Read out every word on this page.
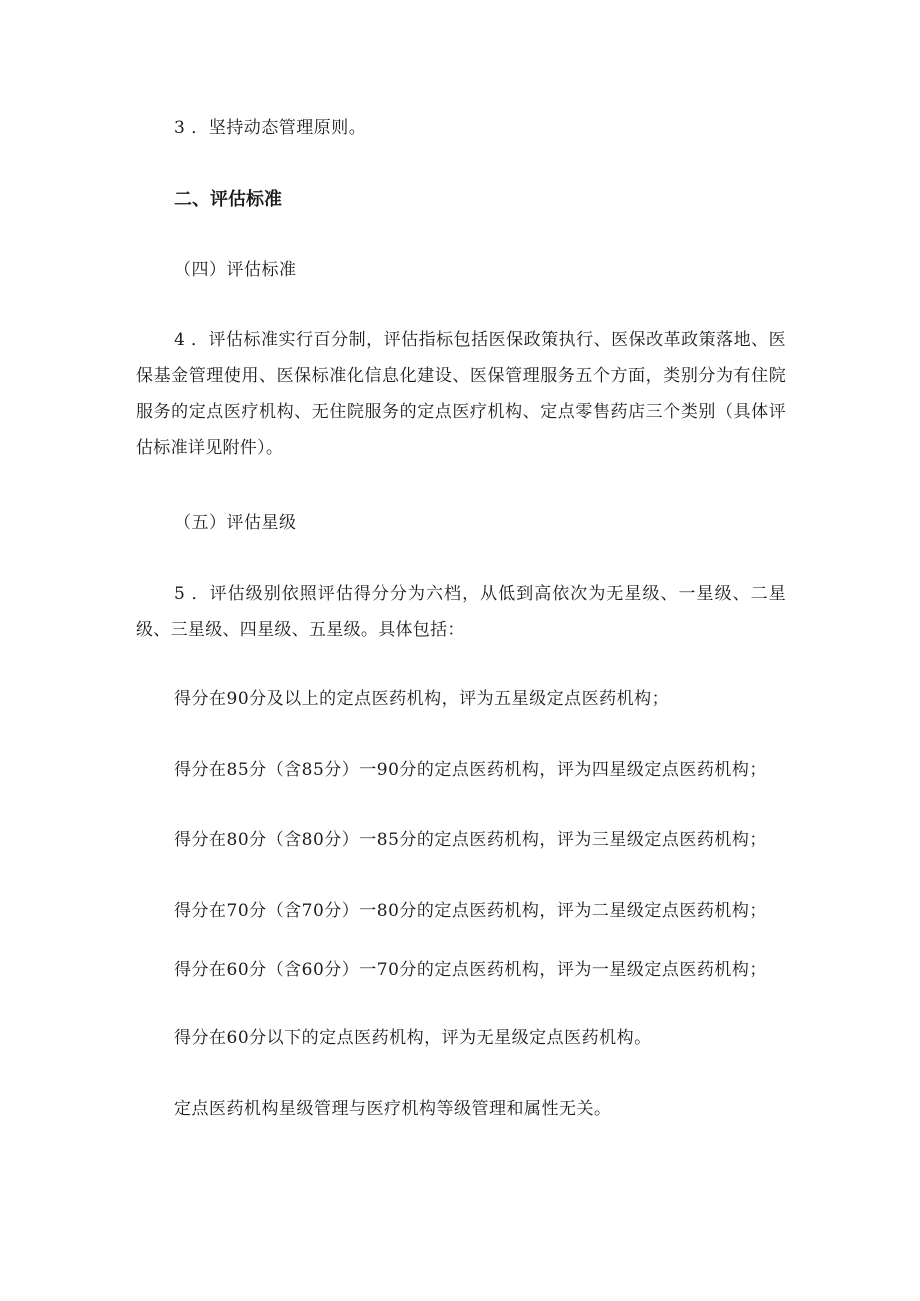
3 ．坚持动态管理原则。
二、评估标准
（四）评估标准
4 ．评估标准实行百分制，评估指标包括医保政策执行、医保改革政策落地、医保基金管理使用、医保标准化信息化建设、医保管理服务五个方面，类别分为有住院服务的定点医疗机构、无住院服务的定点医疗机构、定点零售药店三个类别（具体评估标准详见附件）。
（五）评估星级
5 ．评估级别依照评估得分分为六档，从低到高依次为无星级、一星级、二星级、三星级、四星级、五星级。具体包括：
得分在90分及以上的定点医药机构，评为五星级定点医药机构；
得分在85分（含85分）一90分的定点医药机构，评为四星级定点医药机构；
得分在80分（含80分）一85分的定点医药机构，评为三星级定点医药机构；
得分在70分（含70分）一80分的定点医药机构，评为二星级定点医药机构；
得分在60分（含60分）一70分的定点医药机构，评为一星级定点医药机构；
得分在60分以下的定点医药机构，评为无星级定点医药机构。
定点医药机构星级管理与医疗机构等级管理和属性无关。
